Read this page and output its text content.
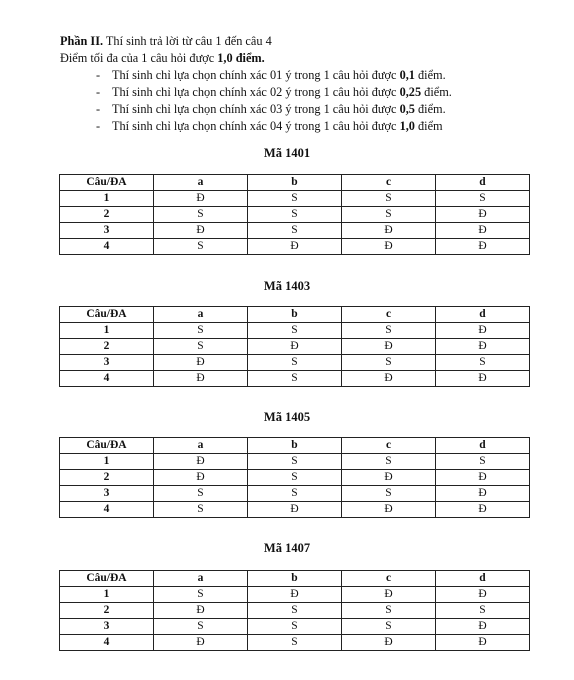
Phần II. Thí sinh trả lời từ câu 1 đến câu 4
Điểm tối đa của 1 câu hỏi được 1,0 điểm.
- Thí sinh chỉ lựa chọn chính xác 01 ý trong 1 câu hỏi được 0,1 điểm.
- Thí sinh chỉ lựa chọn chính xác 02 ý trong 1 câu hỏi được 0,25 điểm.
- Thí sinh chỉ lựa chọn chính xác 03 ý trong 1 câu hỏi được 0,5 điểm.
- Thí sinh chỉ lựa chọn chính xác 04 ý trong 1 câu hỏi được 1,0 điểm
Mã 1401
Câu/ĐA	a	b	c	d
1	Đ	S	S	S
2	S	S	S	Đ
3	Đ	S	Đ	Đ
4	S	Đ	Đ	Đ
Mã 1403
Câu/ĐA	a	b	c	d
1	S	S	S	Đ
2	S	Đ	Đ	Đ
3	Đ	S	S	S
4	Đ	S	Đ	Đ
Mã 1405
Câu/ĐA	a	b	c	d
1	Đ	S	S	S
2	Đ	S	Đ	Đ
3	S	S	S	Đ
4	S	Đ	Đ	Đ
Mã 1407
Câu/ĐA	a	b	c	d
1	S	Đ	Đ	Đ
2	Đ	S	S	S
3	S	S	S	Đ
4	Đ	S	Đ	Đ
